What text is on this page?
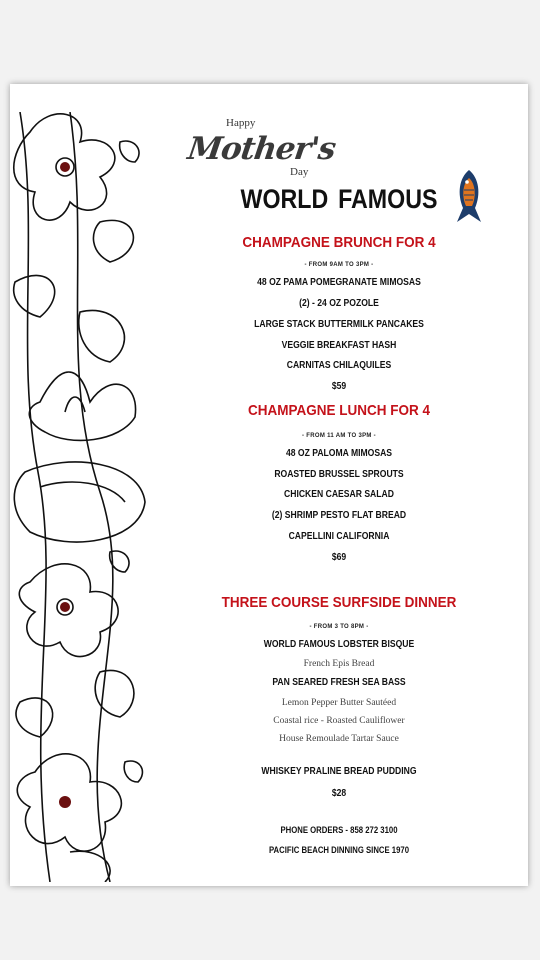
Happy
Mother's
Day
WORLD FAMOUS
CHAMPAGNE BRUNCH FOR 4
- FROM 9AM TO 3PM -
48 OZ PAMA POMEGRANATE MIMOSAS
(2) - 24 OZ POZOLE
LARGE STACK BUTTERMILK PANCAKES
VEGGIE BREAKFAST HASH
CARNITAS CHILAQUILES
$59
CHAMPAGNE LUNCH FOR 4
- FROM 11 AM TO 3PM -
48 OZ PALOMA MIMOSAS
ROASTED BRUSSEL SPROUTS
CHICKEN CAESAR SALAD
(2) SHRIMP PESTO FLAT BREAD
CAPELLINI CALIFORNIA
$69
THREE COURSE SURFSIDE DINNER
- FROM 3 TO 8PM -
WORLD FAMOUS LOBSTER BISQUE
French Epis Bread
PAN SEARED FRESH SEA BASS
Lemon Pepper Butter Sautéed
Coastal rice - Roasted Cauliflower
House Remoulade Tartar Sauce
WHISKEY PRALINE BREAD PUDDING
$28
PHONE ORDERS - 858 272 3100
PACIFIC BEACH DINNING SINCE 1970
